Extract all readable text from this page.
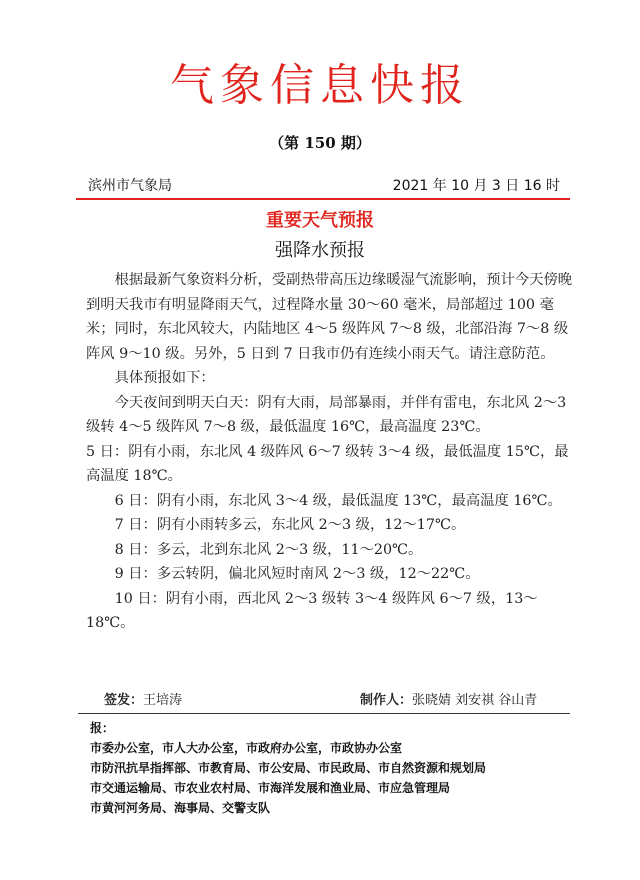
气象信息快报
（第 150 期）
滨州市气象局	2021 年 10 月 3 日 16 时
重要天气预报
强降水预报

根据最新气象资料分析，受副热带高压边缘暖湿气流影响，预计今天傍晚到明天我市有明显降雨天气，过程降水量 30～60 毫米，局部超过 100 毫米；同时，东北风较大，内陆地区 4～5 级阵风 7～8 级，北部沿海 7～8 级阵风 9～10 级。另外，5 日到 7 日我市仍有连续小雨天气。请注意防范。

具体预报如下：

今天夜间到明天白天：阴有大雨，局部暴雨，并伴有雷电，东北风 2～3 级转 4～5 级阵风 7～8 级，最低温度 16℃，最高温度 23℃。

5 日：阴有小雨，东北风 4 级阵风 6～7 级转 3～4 级，最低温度 15℃，最高温度 18℃。

6 日：阴有小雨，东北风 3～4 级，最低温度 13℃，最高温度 16℃。

7 日：阴有小雨转多云，东北风 2～3 级，12～17℃。

8 日：多云，北到东北风 2～3 级，11～20℃。

9 日：多云转阴，偏北风短时南风 2～3 级，12～22℃。

10 日：阴有小雨，西北风 2～3 级转 3～4 级阵风 6～7 级，13～18℃。

签发：王培涛	制作人：张晓婧 刘安祺 谷山青
报：
市委办公室，市人大办公室，市政府办公室，市政协办公室
市防汛抗旱指挥部、市教育局、市公安局、市民政局、市自然资源和规划局
市交通运输局、市农业农村局、市海洋发展和渔业局、市应急管理局
市黄河河务局、海事局、交警支队
